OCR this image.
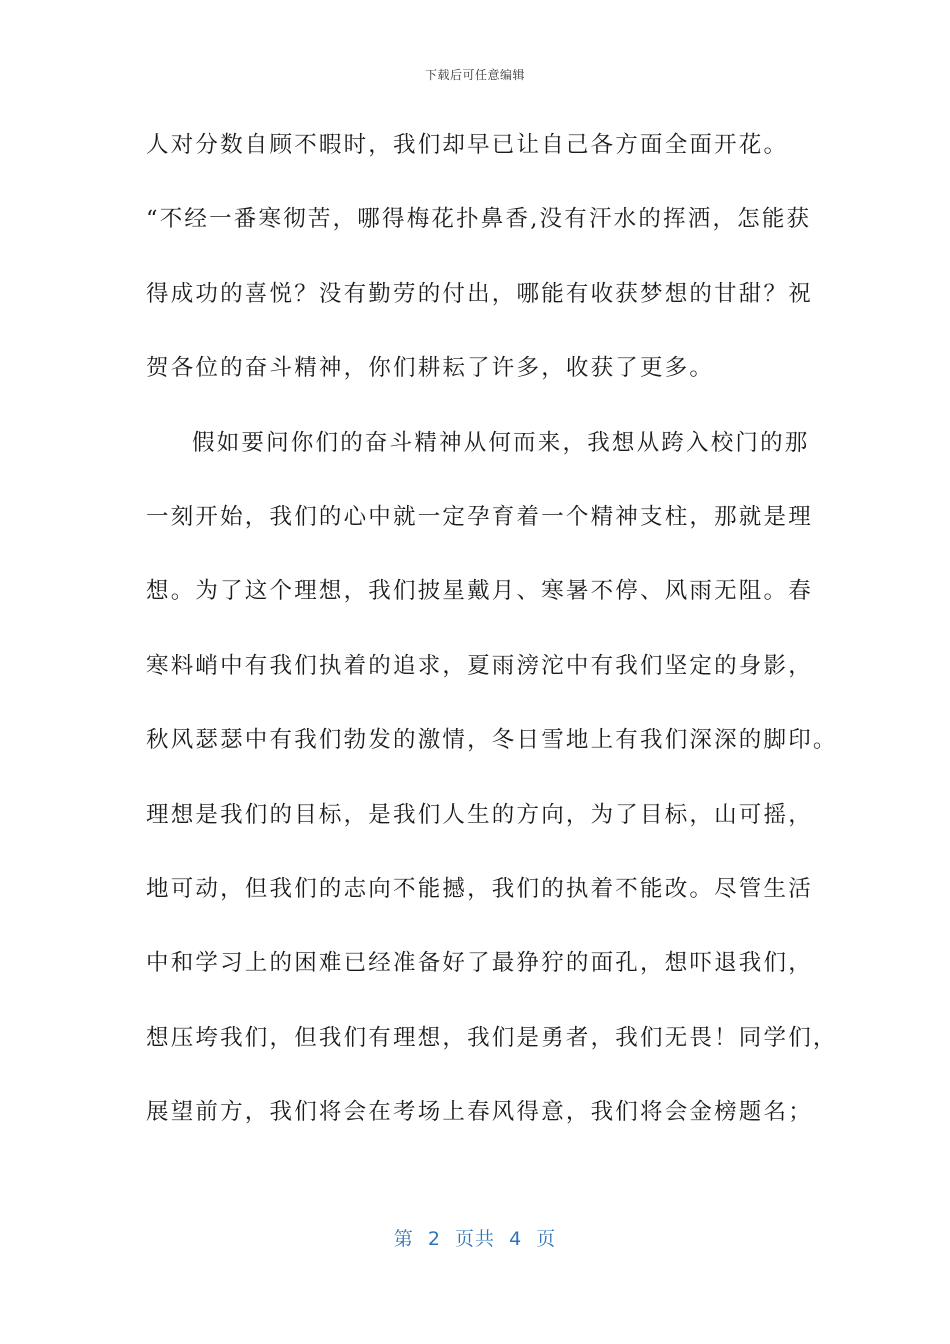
下载后可任意编辑
人对分数自顾不暇时，我们却早已让自己各方面全面开花。
“不经一番寒彻苦，哪得梅花扑鼻香,没有汗水的挥洒，怎能获
得成功的喜悦？没有勤劳的付出，哪能有收获梦想的甘甜？祝
贺各位的奋斗精神，你们耕耘了许多，收获了更多。
假如要问你们的奋斗精神从何而来，我想从跨入校门的那
一刻开始，我们的心中就一定孕育着一个精神支柱，那就是理
想。为了这个理想，我们披星戴月、寒暑不停、风雨无阻。春
寒料峭中有我们执着的追求，夏雨滂沱中有我们坚定的身影，
秋风瑟瑟中有我们勃发的激情，冬日雪地上有我们深深的脚印。
理想是我们的目标，是我们人生的方向，为了目标，山可摇，
地可动，但我们的志向不能撼，我们的执着不能改。尽管生活
中和学习上的困难已经准备好了最狰狞的面孔，想吓退我们，
想压垮我们，但我们有理想，我们是勇者，我们无畏！同学们，
展望前方，我们将会在考场上春风得意，我们将会金榜题名；
第  2  页共  4  页
